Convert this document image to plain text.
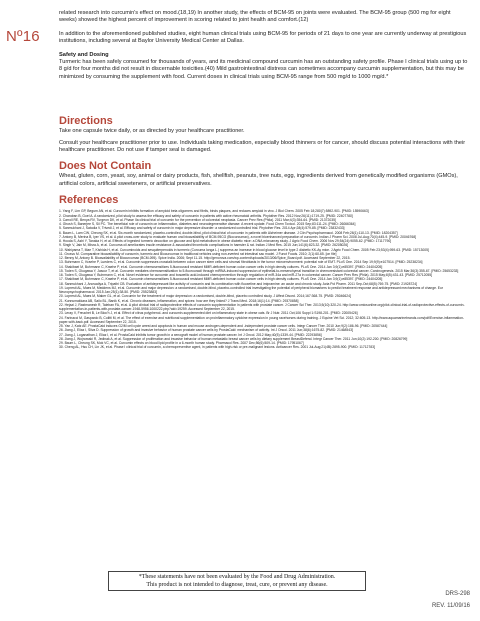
Nº16

related research into curcumin's effect on mood.(18,19) In another study, the effects of BCM-95 on joints were evaluated. The BCM-95 group (500 mg for eight weeks) showed the highest percent of improvement in scoring related to joint health and comfort.(12)

In addition to the aforementioned published studies, eight human clinical trials using BCM-95 for periods of 21 days to one year are currently underway at prestigious institutions, including several at Baylor University Medical Center at Dallas.

Safety and Dosing

Turmeric has been safely consumed for thousands of years, and its medicinal compound curcumin has an outstanding safety profile. Phase I clinical trials using up to 8 g/d for four months did not result in discernable toxicities.(40) Mild gastrointestinal distress can sometimes accompany curcumin supplementation, but this may be minimized by consuming the supplement with food. Current doses in clinical trials using BCM-95 range from 500 mg/d to 1000 mg/d.*

Directions

Take one capsule twice daily, or as directed by your healthcare practitioner.

Consult your healthcare practitioner prior to use. Individuals taking medication, especially blood thinners or for cancer, should discuss potential interactions with their healthcare practitioner. Do not use if tamper seal is damaged.

Does Not Contain

Wheat, gluten, corn, yeast, soy, animal or dairy products, fish, shellfish, peanuts, tree nuts, egg, ingredients derived from genetically modified organisms (GMOs), artificial colors, artificial sweeteners, or artificial preservatives.

References

1. Yang F, Lim GP, Begum AN, et al. Curcumin inhibits formation of amyloid beta oligomers and fibrils, binds plaques, and reduces amyloid in vivo. J Biol Chem. 2005 Feb 18;280(7):5892-901. [PMID: 15590663]

2. Chandran B, Goel A. A randomized, pilot study to assess the efficacy and safety of curcumin in patients with active rheumatoid arthritis. Phytother Res. 2012 Nov;26(11):1719-25. [PMID: 22407780]

3. Carroll RE, Benya RV, Turgeon DK, et al. Phase IIa clinical trial of curcumin for the prevention of colorectal neoplasia. Cancer Prev Res (Phila). 2011 Mar;4(3):354-64. [PMID: 21372035]

4. Ghosh S, Banerjee S, Sil PC. The beneficial role of curcumin on inflammation, diabetes and neurodegenerative disease: A recent update. Food Chem Toxicol. 2015 Sep;83:111-24. [PMID: 26066364]

5. Sanmukhani J, Satodia V, Trivedi J, et al. Efficacy and safety of curcumin in major depressive disorder: a randomized controlled trial. Phytother Res. 2014 Apr;28(4):579-85. [PMID: 23832433]

6. Baum L, Lam CW, Cheung SK, et al. Six-month randomized, placebo-controlled, double-blind, pilot clinical trial of curcumin in patients with Alzheimer disease. J Clin Psychopharmacol. 2008 Feb;28(1):110-13. [PMID: 18204357]

7. Antony B, Merina B, Iyer VS, et al. A pilot cross-over study to evaluate human oral bioavailability of BCM-95CG (Biocurcumax), a novel bioenhanced preparation of curcumin. Indian J Pharm Sci. 2008 Jul-Aug;70(4):445-9. [PMID: 20046768]

8. Hooda S, Ashi Y, Tanaka H, et al. Effects of ingested turmeric decoction on glucose and lipid metabolism in obese diabetic mice: a DNA microarray study. J Agric Food Chem. 2006 Nov 29;54(24):9055-62. [PMID: 17117790]

9. Singh V, Jain M, Misra A, et al. Curcuma oil ameliorates insulin resistance & associated thrombotic complications in hamster & rat. Indian J Med Res. 2015 Jun;141(6):823-32. [PMID: 26205026]

10. Nishiyama T, Mae T, Kishida H, et al. Curcuminoids and sesquiterpenoids in turmeric (Curcuma longa L.) suppress an increase in blood glucose level in type 2 diabetic KK-Ay mice. J Agric Food Chem. 2005 Feb 23;53(4):959-63. [PMID: 15713005]

11. Grosvu M. Comparative bioavailability of curcumin, turmeric and Biocurcumax in traditional vehicles using non-everted rat intestinal sac model. J Funct Foods. 2010; 2(1):60-65. [on file]

12. Benny M, Antony B. Bioavailability of Biocurcumax (BCM-095). Spice India. 2006; Sept 11-15. http://genorova.com/wp-content/uploads/2013/06/Spice_Board.pdf. Accessed September 22, 2015.

13. Buhrmann C, Kraehe P, Lueders C, et al. Curcumin suppresses crosstalk between colon cancer stem cells and stromal fibroblasts in the tumor microenvironment: potential role of EMT. PLoS One. 2014 Sep 19;9(9):e107514. [PMID: 25238234]

14. Shakibaei M, Buhrmann C, Kraehe P, et al. Curcumin chemosensitizes 5-fluorouracil resistant MMR-deficient human colon cancer cells in high density cultures. PLoS One. 2014 Jan 3;9(1):e85397. [PMID: 24404205]

15. Toden S, Okugawa Y, Jascur T, et al. Curcumin mediates chemosensitization to 5-fluorouracil through miRNA-induced suppression of epithelial-to-mesenchymal transition in chemoresistant colorectal cancer. Carcinogenesis. 2015 Mar;36(3):355-67. [PMID: 25653233]

16. Toden S, Okugawa Y, Buhrmann C, et al. Novel evidence for curcumin and boswellic acid-induced chemoprevention through regulation of miR-34a and miR-27a in colorectal cancer. Cancer Prev Res (Phila). 2015 May;8(5):431-43. [PMID: 25712055]

17. Shakibaei M, Buhrmann C, Kraehe P, et al. Curcumin chemosensitizes 5-fluorouracil resistant MMR-deficient human colon cancer cells in high density cultures. PLoS One. 2014 Jan 3;9(1):e85397. [PMID: 24404205]

18. Sanmukhani J, Anovadiya A, Tripathi CB. Evaluation of antidepressant like activity of curcumin and its combination with fluoxetine and imipramine: an acute and chronic study. Acta Pol Pharm. 2011 Sep-Oct;68(5):769-75. [PMID: 21928724]

19. Lopresti AL, Maes M, Meddens MJ, et al. Curcumin and major depression: a randomised, double-blind, placebo-controlled trial investigating the potential of peripheral biomarkers to predict treatment response and antidepressant mechanisms of change. Eur Neuropsychopharmacol. 2015 Jan;25(1):38-50. [PMID: 25523883]

20. Lopresti AL, Maes M, Maker GL, et al. Curcumin for the treatment of major depression: a randomised, double-blind, placebo controlled study. J Affect Disord. 2014;167:368-75. [PMID: 25046624]

21. Kunnumakkara AB, Sailo BL, Banik K, et al. Chronic diseases, inflammation, and spices: how are they linked? J Transl Med. 2018;16(1):14. [PMID: 29370858]

22. Hejazi J, Rastmanesh R, Taleban FA, et al. A pilot clinical trial of radioprotective effects of curcumin supplementation in patients with prostate cancer. J Cancer Sci Ther. 2013;5(10):320-24. http://www.omicsonline.org/pilot-clinical-trial-of-radioprotective-effects-of-curcumin-supplementation-in-patients-with-prostate-cancer-1948-5956.1000222.php?aid=19259. Accessed September 22, 2015.

23. Leray V, Freuchet B, Le Bloc'h J, et al. Effect of citrus polyphenol- and curcumin-supplemented diet on inflammatory state in obese cats. Br J Nutr. 2011 Oct;106 Suppl 1:S198-201. [PMID: 22005426]

24. Farinacci M, Gaspardo B, Colitti M, et al. The effect of exercise and nutritional supplementation on proinflammatory cytokine expression in young racehorses during training. J Equine Vet Sci. 2012; 32:805-13. http://www.aquamarinebrands.com/pdf/Exercise-inflammation-paper-with-back.pdf. Accessed September 22, 2015.

25. Yan J, Katz AE. ProstaCaid induces G2/M cell cycle arrest and apoptosis in human and mouse androgen-dependent and -independent prostate cancer cells. Integr Cancer Ther. 2010 Jun;9(2):186-96. [PMID: 20587444]

26. Jiang J, Eliaz I, Sliva D. Suppression of growth and invasive behavior of human prostate cancer cells by ProstaCaid: mechanism of activity. Int J Oncol. 2011 Jun;38(6):1675-82. [PMID: 21468543]

27. Jiang J, Loganathan J, Eliaz I, et al. ProstaCaid inhibits tumor growth in a xenograft model of human prostate cancer. Int J Oncol. 2012 May;40(5):1339-44. [PMID: 22293856]

28. Jiang J, Wojnowski R, Jedinak A, et al. Suppression of proliferation and invasive behavior of human metastatic breast cancer cells by dietary supplement BreastDefend. Integr Cancer Ther. 2011 Jun;10(2):192-200. [PMID: 20826799]

29. Baum L, Cheung SK, Mok VC, et al. Curcumin effects on blood lipid profile in a 6-month human study. Pharmacol Res. 2007 Dec;56(6):509-14. [PMID: 17951067]

30. Cheng AL, Hsu CH, Lin JK, et al. Phase I clinical trial of curcumin, a chemopreventive agent, in patients with high-risk or pre-malignant lesions. Anticancer Res. 2001 Jul-Aug;21(4B):2895-900. [PMID: 11712783]

*These statements have not been evaluated by the Food and Drug Administration.
This product is not intended to diagnose, treat, cure, or prevent any disease.
DRS-298
REV. 11/09/16
